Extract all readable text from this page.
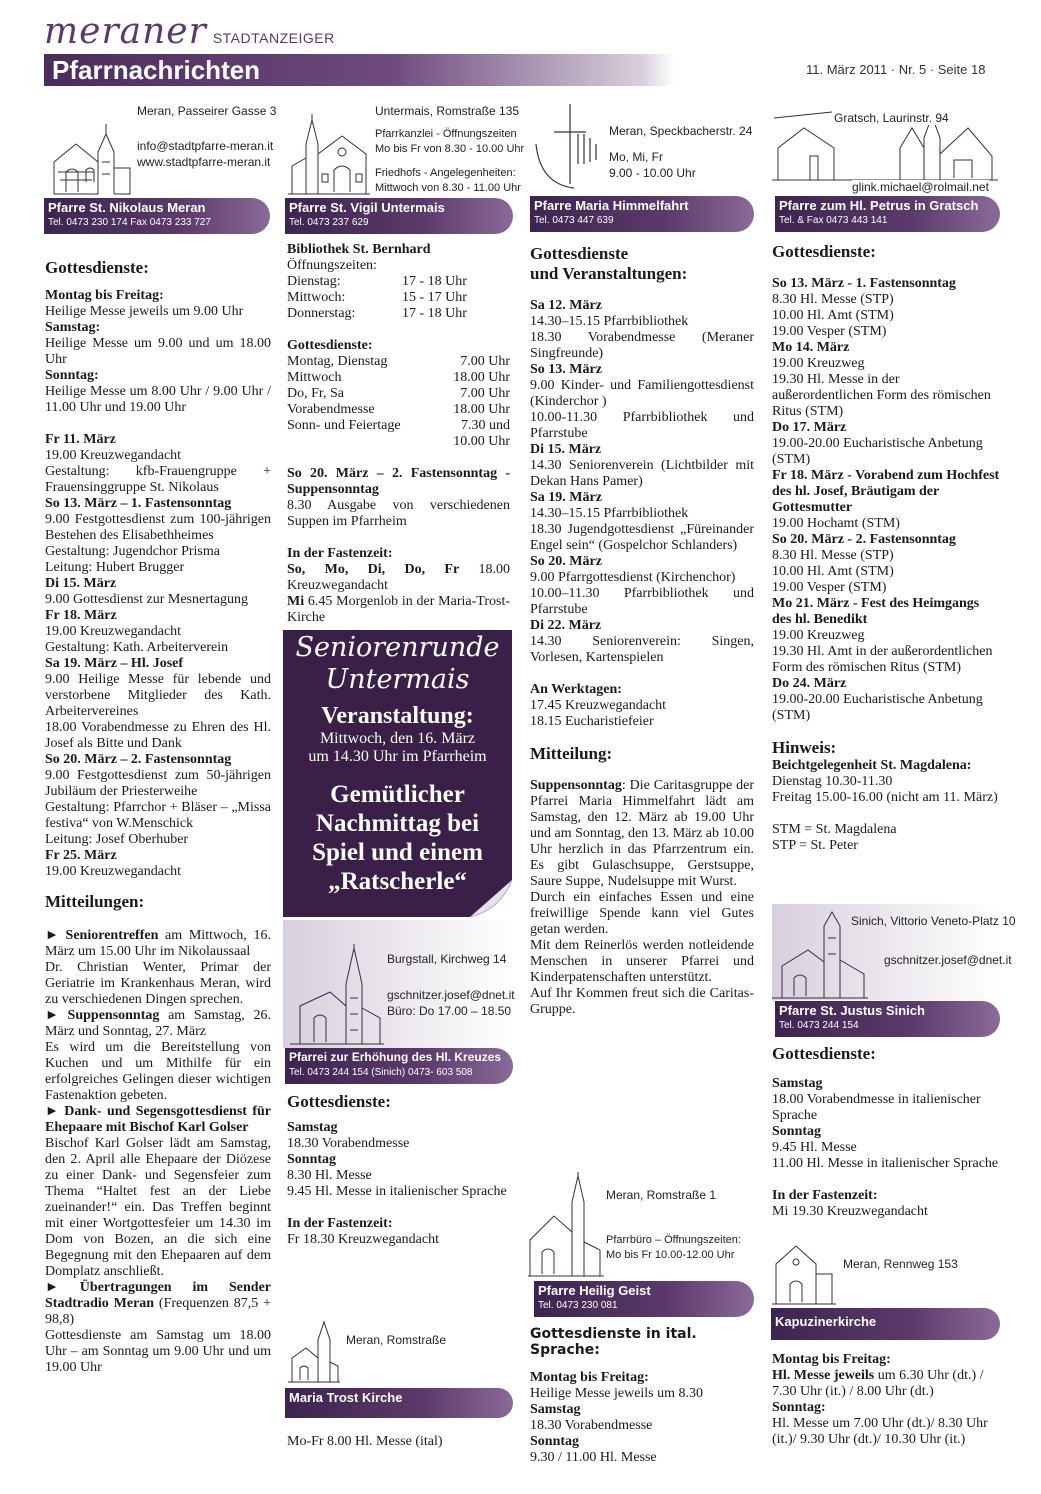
meraner STADTANZEIGER
Pfarrnachrichten	11. März 2011 · Nr. 5 · Seite 18
Meran, Passeirer Gasse 3
info@stadtpfarre-meran.it
www.stadtpfarre-meran.it
Pfarre St. Nikolaus Meran
Tel. 0473 230 174 Fax 0473 233 727

Gottesdienste:

Montag bis Freitag:

Heilige Messe jeweils um 9.00 Uhr

Samstag:

Heilige Messe um 9.00 und um 18.00 Uhr

Sonntag:

Heilige Messe um 8.00 Uhr / 9.00 Uhr / 11.00 Uhr und 19.00 Uhr

Fr 11. März

19.00 Kreuzwegandacht

Gestaltung: kfb-Frauengruppe + Frauensinggruppe St. Nikolaus

So 13. März – 1. Fastensonntag

9.00 Festgottesdienst zum 100-jährigen Bestehen des Elisabethheimes

Gestaltung: Jugendchor Prisma

Leitung: Hubert Brugger

Di 15. März

9.00 Gottesdienst zur Mesnertagung

Fr 18. März

19.00 Kreuzwegandacht

Gestaltung: Kath. Arbeiterverein

Sa 19. März – Hl. Josef

9.00 Heilige Messe für lebende und verstorbene Mitglieder des Kath. Arbeitervereines

18.00 Vorabendmesse zu Ehren des Hl. Josef als Bitte und Dank

So 20. März – 2. Fastensonntag

9.00 Festgottesdienst zum 50-jährigen Jubiläum der Priesterweihe

Gestaltung: Pfarrchor + Bläser – „Missa festiva“ von W.Menschick

Leitung: Josef Oberhuber

Fr 25. März

19.00 Kreuzwegandacht

Mitteilungen:

► Seniorentreffen am Mittwoch, 16. März um 15.00 Uhr im Nikolaussaal

Dr. Christian Wenter, Primar der Geriatrie im Krankenhaus Meran, wird zu verschiedenen Dingen sprechen.

► Suppensonntag am Samstag, 26. März und Sonntag, 27. März

Es wird um die Bereitstellung von Kuchen und um Mithilfe für ein erfolgreiches Gelingen dieser wichtigen Fastenaktion gebeten.

► Dank- und Segensgottesdienst für Ehepaare mit Bischof Karl Golser

Bischof Karl Golser lädt am Samstag, den 2. April alle Ehepaare der Diözese zu einer Dank- und Segensfeier zum Thema “Haltet fest an der Liebe zueinander!“ ein. Das Treffen beginnt mit einer Wortgottesfeier um 14.30 im Dom von Bozen, an die sich eine Begegnung mit den Ehepaaren auf dem Domplatz anschließt.

► Übertragungen im Sender Stadtradio Meran (Frequenzen 87,5 + 98,8)

Gottesdienste am Samstag um 18.00 Uhr – am Sonntag um 9.00 Uhr und um 19.00 Uhr

Untermais, Romstraße 135
Pfarrkanzlei - Öffnungszeiten
Mo bis Fr von 8.30 - 10.00 Uhr
Friedhofs - Angelegenheiten:
Mittwoch von 8.30 - 11.00 Uhr
Pfarre St. Vigil Untermais
Tel. 0473 237 629

Bibliothek St. Bernhard

Öffnungszeiten:

Dienstag:	17 - 18 Uhr
Mittwoch:	15 - 17 Uhr
Donnerstag:	17 - 18 Uhr

Gottesdienste:

Montag, Dienstag	7.00 Uhr
Mittwoch	18.00 Uhr
Do, Fr, Sa	7.00 Uhr
Vorabendmesse	18.00 Uhr
Sonn- und Feiertage	7.30 und
10.00 Uhr

So 20. März – 2. Fastensonntag - Suppensonntag

8.30 Ausgabe von verschiedenen Suppen im Pfarrheim

In der Fastenzeit:

So, Mo, Di, Do, Fr 18.00 Kreuzwegandacht

Mi 6.45 Morgenlob in der Maria-Trost-Kirche

Seniorenrunde
Untermais
Veranstaltung:
Mittwoch, den 16. März
um 14.30 Uhr im Pfarrheim
Gemütlicher
Nachmittag bei
Spiel und einem
„Ratscherle“
Burgstall, Kirchweg 14
gschnitzer.josef@dnet.it
Büro: Do 17.00 – 18.50
Pfarrei zur Erhöhung des Hl. Kreuzes
Tel. 0473 244 154 (Sinich) 0473- 603 508

Gottesdienste:

Samstag

18.30 Vorabendmesse

Sonntag

8.30 Hl. Messe

9.45 Hl. Messe in italienischer Sprache

In der Fastenzeit:

Fr 18.30 Kreuzwegandacht

Meran, Romstraße
Maria Trost Kirche
Mo-Fr 8.00 Hl. Messe (ital)
Meran, Speckbacherstr. 24
Mo, Mi, Fr
9.00 - 10.00 Uhr
Pfarre Maria Himmelfahrt
Tel. 0473 447 639

Gottesdienste

und Veranstaltungen:

Sa 12. März

14.30–15.15 Pfarrbibliothek

18.30 Vorabendmesse (Meraner Singfreunde)

So 13. März

9.00 Kinder- und Familiengottesdienst (Kinderchor )

10.00-11.30 Pfarrbibliothek und Pfarrstube

Di 15. März

14.30 Seniorenverein (Lichtbilder mit Dekan Hans Pamer)

Sa 19. März

14.30–15.15 Pfarrbibliothek

18.30 Jugendgottesdienst „Füreinander Engel sein“ (Gospelchor Schlanders)

So 20. März

9.00 Pfarrgottesdienst (Kirchenchor)

10.00–11.30 Pfarrbibliothek und Pfarrstube

Di 22. März

14.30 Seniorenverein: Singen, Vorlesen, Kartenspielen

An Werktagen:

17.45 Kreuzwegandacht

18.15 Eucharistiefeier

Mitteilung:

Suppensonntag: Die Caritasgruppe der Pfarrei Maria Himmelfahrt lädt am Samstag, den 12. März ab 19.00 Uhr und am Sonntag, den 13. März ab 10.00 Uhr herzlich in das Pfarrzentrum ein. Es gibt Gulaschsuppe, Gerstsuppe, Saure Suppe, Nudelsuppe mit Wurst.

Durch ein einfaches Essen und eine freiwillige Spende kann viel Gutes getan werden.

Mit dem Reinerlös werden notleidende Menschen in unserer Pfarrei und Kinderpatenschaften unterstützt.

Auf Ihr Kommen freut sich die Caritas-Gruppe.

Meran, Romstraße 1
Pfarrbüro – Öffnungszeiten:
Mo bis Fr 10.00-12.00 Uhr
Pfarre Heilig Geist
Tel. 0473 230 081

Gottesdienste in ital. Sprache:

Montag bis Freitag:

Heilige Messe jeweils um 8.30

Samstag

18.30 Vorabendmesse

Sonntag

9.30 / 11.00 Hl. Messe

Gratsch, Laurinstr. 94
glink.michael@rolmail.net
Pfarre zum Hl. Petrus in Gratsch
Tel. & Fax 0473 443 141

Gottesdienste:

So 13. März - 1. Fastensonntag

8.30 Hl. Messe (STP)

10.00 Hl. Amt (STM)

19.00 Vesper (STM)

Mo 14. März

19.00 Kreuzweg

19.30 Hl. Messe in der außerordentlichen Form des römischen Ritus (STM)

Do 17. März

19.00-20.00 Eucharistische Anbetung (STM)

Fr 18. März - Vorabend zum Hochfest des hl. Josef, Bräutigam der Gottesmutter

19.00 Hochamt (STM)

So 20. März - 2. Fastensonntag

8.30 Hl. Messe (STP)

10.00 Hl. Amt (STM)

19.00 Vesper (STM)

Mo 21. März - Fest des Heimgangs des hl. Benedikt

19.00 Kreuzweg

19.30 Hl. Amt in der außerordentlichen Form des römischen Ritus (STM)

Do 24. März

19.00-20.00 Eucharistische Anbetung (STM)

Hinweis:

Beichtgelegenheit St. Magdalena:

Dienstag 10.30-11.30

Freitag 15.00-16.00 (nicht am 11. März)

STM = St. Magdalena

STP = St. Peter

Sinich, Vittorio Veneto-Platz 10
gschnitzer.josef@dnet.it
Pfarre St. Justus Sinich
Tel. 0473 244 154

Gottesdienste:

Samstag

18.00 Vorabendmesse in italienischer Sprache

Sonntag

9.45 Hl. Messe

11.00 Hl. Messe in italienischer Sprache

In der Fastenzeit:

Mi 19.30 Kreuzwegandacht

Meran, Rennweg 153
Kapuzinerkirche

Montag bis Freitag:

Hl. Messe jeweils um 6.30 Uhr (dt.) / 7.30 Uhr (it.) / 8.00 Uhr (dt.)

Sonntag:

Hl. Messe um 7.00 Uhr (dt.)/ 8.30 Uhr (it.)/ 9.30 Uhr (dt.)/ 10.30 Uhr (it.)
